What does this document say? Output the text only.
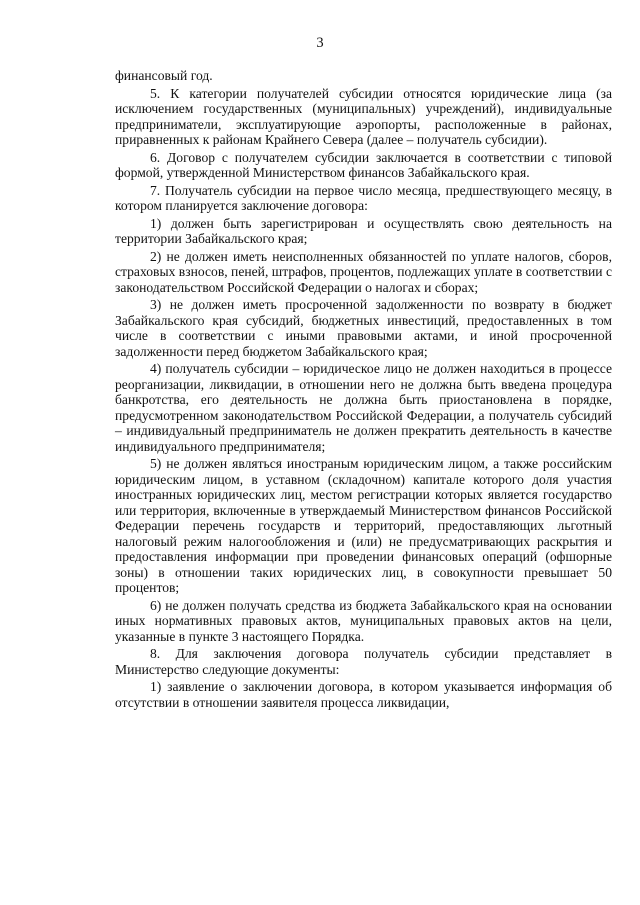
3

финансовый год.

5. К категории получателей субсидии относятся юридические лица (за исключением государственных (муниципальных) учреждений), индивидуальные предприниматели, эксплуатирующие аэропорты, расположенные в районах, приравненных к районам Крайнего Севера (далее – получатель субсидии).

6. Договор с получателем субсидии заключается в соответствии с типовой формой, утвержденной Министерством финансов Забайкальского края.

7. Получатель субсидии на первое число месяца, предшествующего месяцу, в котором планируется заключение договора:

1) должен быть зарегистрирован и осуществлять свою деятельность на территории Забайкальского края;

2) не должен иметь неисполненных обязанностей по уплате налогов, сборов, страховых взносов, пеней, штрафов, процентов, подлежащих уплате в соответствии с законодательством Российской Федерации о налогах и сборах;

3) не должен иметь просроченной задолженности по возврату в бюджет Забайкальского края субсидий, бюджетных инвестиций, предоставленных в том числе в соответствии с иными правовыми актами, и иной просроченной задолженности перед бюджетом Забайкальского края;

4) получатель субсидии – юридическое лицо не должен находиться в процессе реорганизации, ликвидации, в отношении него не должна быть введена процедура банкротства, его деятельность не должна быть приостановлена в порядке, предусмотренном законодательством Российской Федерации, а получатель субсидий – индивидуальный предприниматель не должен прекратить деятельность в качестве индивидуального предпринимателя;

5) не должен являться иностраным юридическим лицом, а также российским юридическим лицом, в уставном (складочном) капитале которого доля участия иностранных юридических лиц, местом регистрации которых является государство или территория, включенные в утверждаемый Министерством финансов Российской Федерации перечень государств и территорий, предоставляющих льготный налоговый режим налогообложения и (или) не предусматривающих раскрытия и предоставления информации при проведении финансовых операций (офшорные зоны) в отношении таких юридических лиц, в совокупности превышает 50 процентов;

6) не должен получать средства из бюджета Забайкальского края на основании иных нормативных правовых актов, муниципальных правовых актов на цели, указанные в пункте 3 настоящего Порядка.

8. Для заключения договора получатель субсидии представляет в Министерство следующие документы:

1) заявление о заключении договора, в котором указывается информация об отсутствии в отношении заявителя процесса ликвидации,
